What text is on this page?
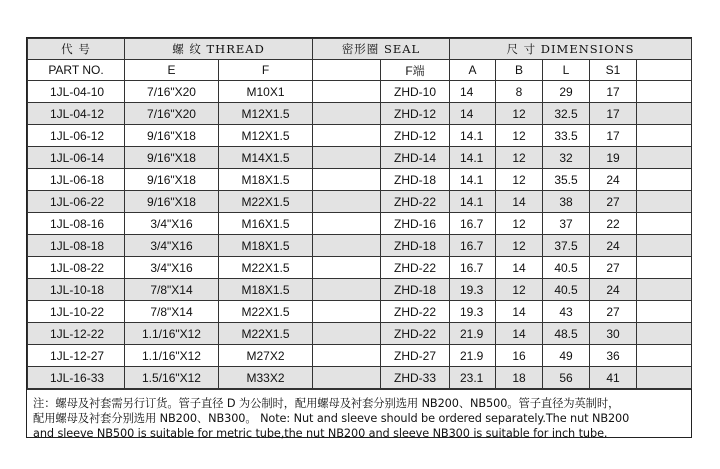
代 号	螺 纹 THREAD		密形圈 SEAL		尺 寸 DIMENSIONS				
PART NO.	E	F		F端	A	B	L	S1	
1JL-04-10	7/16"X20	M10X1		ZHD-10	14	8	29	17	
1JL-04-12	7/16"X20	M12X1.5		ZHD-12	14	12	32.5	17	
1JL-06-12	9/16"X18	M12X1.5		ZHD-12	14.1	12	33.5	17	
1JL-06-14	9/16"X18	M14X1.5		ZHD-14	14.1	12	32	19	
1JL-06-18	9/16"X18	M18X1.5		ZHD-18	14.1	12	35.5	24	
1JL-06-22	9/16"X18	M22X1.5		ZHD-22	14.1	14	38	27	
1JL-08-16	3/4"X16	M16X1.5		ZHD-16	16.7	12	37	22	
1JL-08-18	3/4"X16	M18X1.5		ZHD-18	16.7	12	37.5	24	
1JL-08-22	3/4"X16	M22X1.5		ZHD-22	16.7	14	40.5	27	
1JL-10-18	7/8"X14	M18X1.5		ZHD-18	19.3	12	40.5	24	
1JL-10-22	7/8"X14	M22X1.5		ZHD-22	19.3	14	43	27	
1JL-12-22	1.1/16"X12	M22X1.5		ZHD-22	21.9	14	48.5	30	
1JL-12-27	1.1/16"X12	M27X2		ZHD-27	21.9	16	49	36	
1JL-16-33	1.5/16"X12	M33X2		ZHD-33	23.1	18	56	41	
注：螺母及衬套需另行订货。管子直径 D 为公制时，配用螺母及衬套分别选用 NB200、NB500。管子直径为英制时，
配用螺母及衬套分别选用 NB200、NB300。 Note: Nut and sleeve should be ordered separately.The nut NB200
and sleeve NB500 is suitable for metric tube,the nut NB200 and sleeve NB300 is suitable for inch tube.
